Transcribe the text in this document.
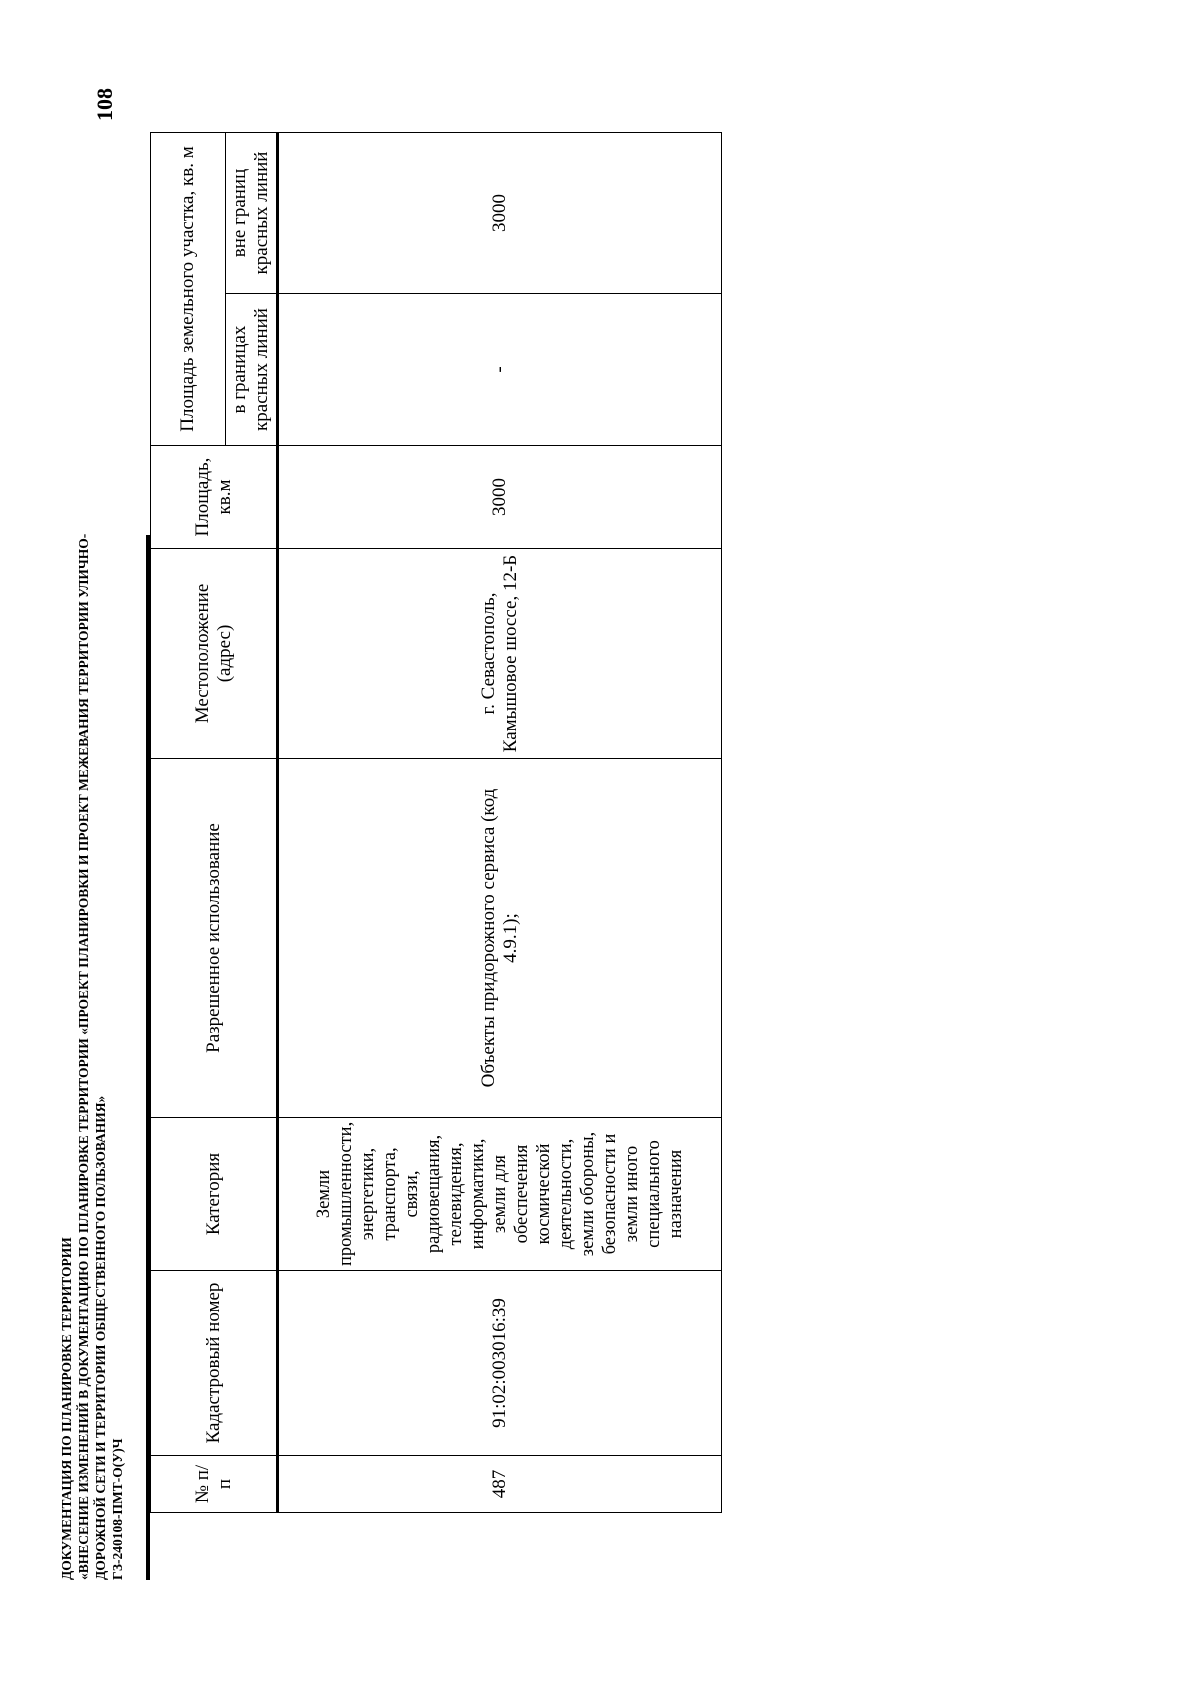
ДОКУМЕНТАЦИЯ ПО ПЛАНИРОВКЕ ТЕРРИТОРИИ «ВНЕСЕНИЕ ИЗМЕНЕНИЙ В ДОКУМЕНТАЦИЮ ПО ПЛАНИРОВКЕ ТЕРРИТОРИИ «ПРОЕКТ ПЛАНИРОВКИ И ПРОЕКТ МЕЖЕВАНИЯ ТЕРРИТОРИИ УЛИЧНО- ДОРОЖНОЙ СЕТИ И ТЕРРИТОРИИ ОБЩЕСТВЕННОГО ПОЛЬЗОВАНИЯ» ГЗ-240108-ПМТ-О(У)Ч
108
№ п/п	Кадастровый номер	Категория	Разрешенное использование	Местоположение (адрес)	Площадь, кв.м	Площадь земельного участка, кв. м	
						в границах красных линий	вне границ красных линий
487	91:02:003016:39	Земли промышленности, энергетики, транспорта, связи, радиовещания, телевидения, информатики, земли для обеспечения космической деятельности, земли обороны, безопасности и земли иного специального назначения	Объекты придорожного сервиса (код 4.9.1);	г. Севастополь, Камышовое шоссе, 12-Б	3000	-	3000
